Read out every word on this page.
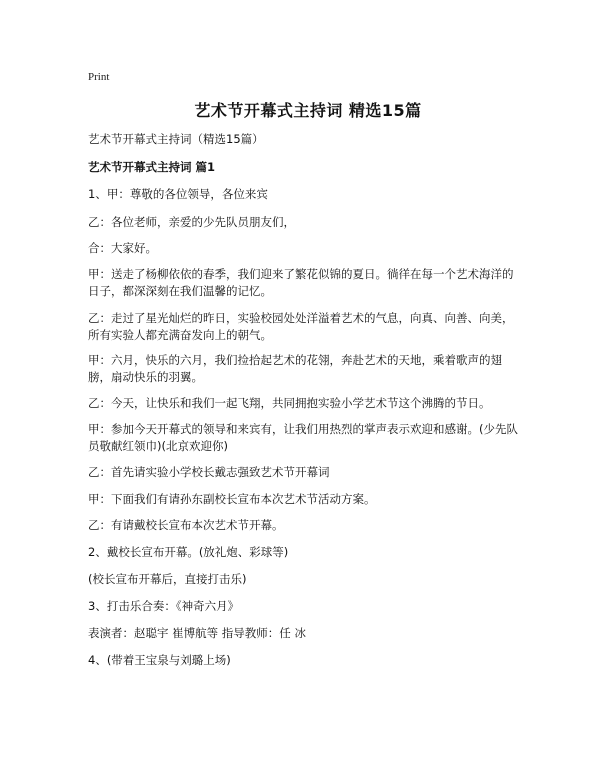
Print
艺术节开幕式主持词 精选15篇
艺术节开幕式主持词（精选15篇）
艺术节开幕式主持词 篇1

1、甲：尊敬的各位领导，各位来宾

乙：各位老师，亲爱的少先队员朋友们，

合：大家好。

甲：送走了杨柳依依的春季，我们迎来了繁花似锦的夏日。徜徉在每一个艺术海洋的日子，都深深刻在我们温馨的记忆。

乙：走过了星光灿烂的昨日，实验校园处处洋溢着艺术的气息，向真、向善、向美，所有实验人都充满奋发向上的朝气。

甲：六月，快乐的六月，我们捡拾起艺术的花翎，奔赴艺术的天地，乘着歌声的翅膀，扇动快乐的羽翼。

乙：今天，让快乐和我们一起飞翔，共同拥抱实验小学艺术节这个沸腾的节日。

甲：参加今天开幕式的领导和来宾有，让我们用热烈的掌声表示欢迎和感谢。(少先队员敬献红领巾)(北京欢迎你)

乙：首先请实验小学校长戴志强致艺术节开幕词

甲：下面我们有请孙东副校长宣布本次艺术节活动方案。

乙：有请戴校长宣布本次艺术节开幕。

2、戴校长宣布开幕。(放礼炮、彩球等)

(校长宣布开幕后，直接打击乐)

3、打击乐合奏：《神奇六月》

表演者：赵聪宇 崔博航等 指导教师：任 冰

4、(带着王宝泉与刘璐上场)
